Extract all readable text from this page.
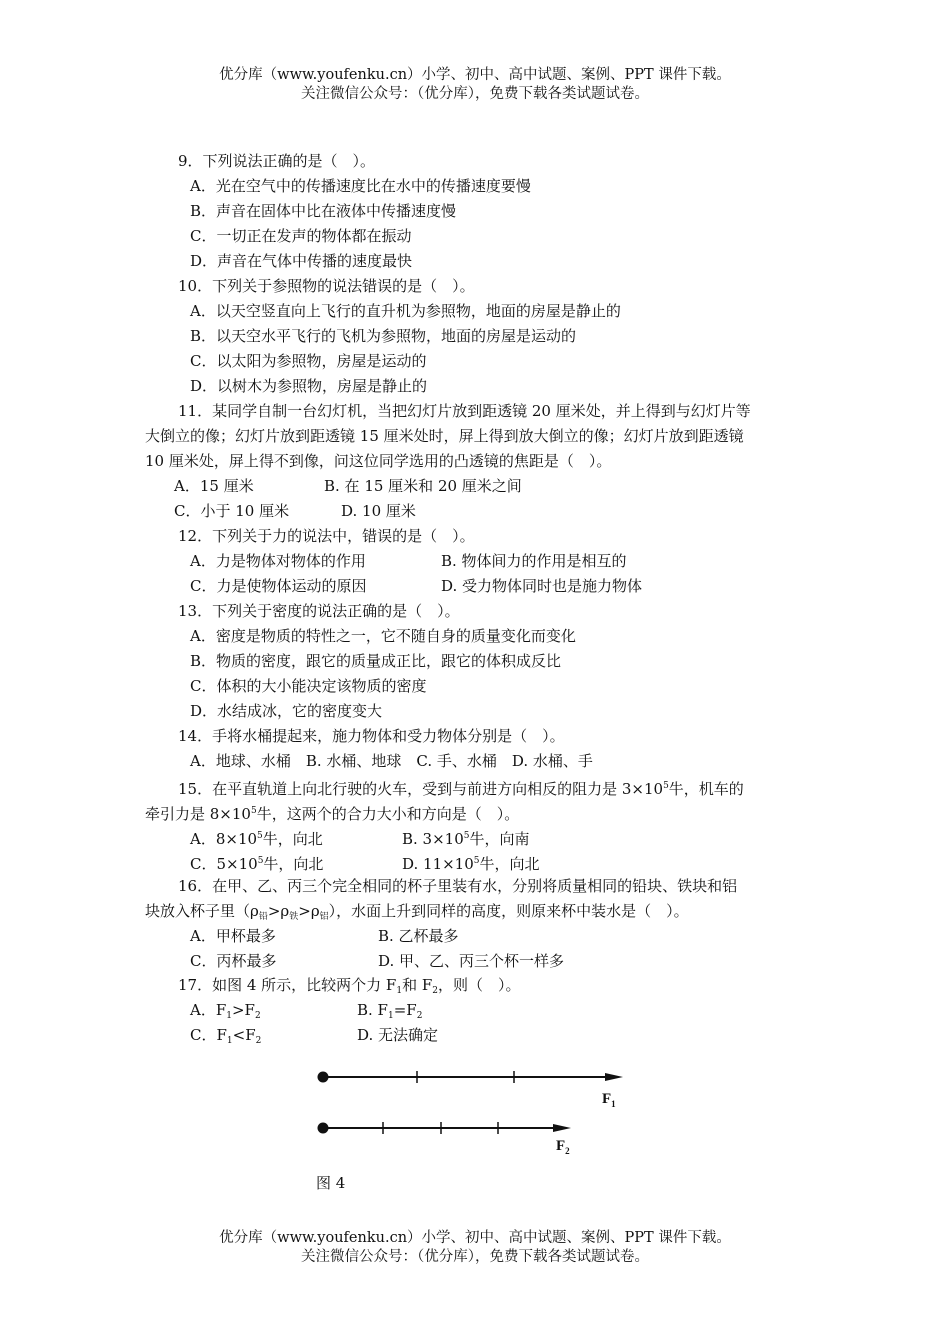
优分库（www.youfenku.cn）小学、初中、高中试题、案例、PPT 课件下载。
关注微信公众号：（优分库），免费下载各类试题试卷。
9．下列说法正确的是（　）。
A．光在空气中的传播速度比在水中的传播速度要慢
B．声音在固体中比在液体中传播速度慢
C．一切正在发声的物体都在振动
D．声音在气体中传播的速度最快
10．下列关于参照物的说法错误的是（　）。
A．以天空竖直向上飞行的直升机为参照物，地面的房屋是静止的
B．以天空水平飞行的飞机为参照物，地面的房屋是运动的
C．以太阳为参照物，房屋是运动的
D．以树木为参照物，房屋是静止的
11．某同学自制一台幻灯机，当把幻灯片放到距透镜 20 厘米处，并上得到与幻灯片等
大倒立的像；幻灯片放到距透镜 15 厘米处时，屏上得到放大倒立的像；幻灯片放到距透镜
10 厘米处，屏上得不到像，问这位同学选用的凸透镜的焦距是（　）。
A．15 厘米	B. 在 15 厘米和 20 厘米之间
C．小于 10 厘米	D. 10 厘米
12．下列关于力的说法中，错误的是（　）。
A．力是物体对物体的作用	B. 物体间力的作用是相互的
C．力是使物体运动的原因	D. 受力物体同时也是施力物体
13．下列关于密度的说法正确的是（　）。
A．密度是物质的特性之一，它不随自身的质量变化而变化
B．物质的密度，跟它的质量成正比，跟它的体积成反比
C．体积的大小能决定该物质的密度
D．水结成冰，它的密度变大
14．手将水桶提起来，施力物体和受力物体分别是（　）。
A．地球、水桶　B. 水桶、地球　C. 手、水桶　D. 水桶、手
15．在平直轨道上向北行驶的火车，受到与前进方向相反的阻力是 $3\times 10^5$牛，机车的
牵引力是 $8\times 10^5$牛，这两个的合力大小和方向是（　）。
A．$8\times 10^5$牛，向北	B. $3\times 10^5$牛，向南
C．$5\times 10^5$牛，向北	D. $11\times 10^5$牛，向北
16．在甲、乙、丙三个完全相同的杯子里装有水，分别将质量相同的铅块、铁块和铝
块放入杯子里$(\rho_铅>\rho_铁>\rho_铝)$，水面上升到同样的高度，则原来杯中装水是（　）。
A．甲杯最多	B. 乙杯最多
C．丙杯最多	D. 甲、乙、丙三个杯一样多
17．如图 4 所示，比较两个力 $F_1$和 $F_2$，则（　）。
A．$F_1>F_2$	B. $F_1=F_2$
C．$F_1<F_2$	D. 无法确定
$F_1$
$F_2$
图 4
优分库（www.youfenku.cn）小学、初中、高中试题、案例、PPT 课件下载。
关注微信公众号：（优分库），免费下载各类试题试卷。
